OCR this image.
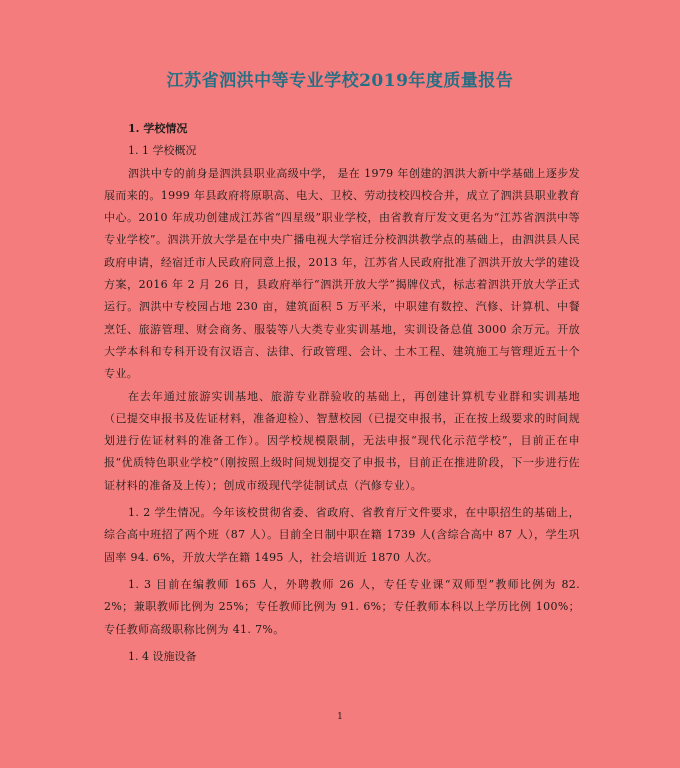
江苏省泗洪中等专业学校2019年度质量报告
1. 学校情况
1. 1 学校概况
泗洪中专的前身是泗洪县职业高级中学， 是在 1979 年创建的泗洪大新中学基础上逐步发展而来的。1999 年县政府将原职高、电大、卫校、劳动技校四校合并，成立了泗洪县职业教育中心。2010 年成功创建成江苏省“四星级”职业学校，由省教育厅发文更名为“江苏省泗洪中等专业学校”。泗洪开放大学是在中央广播电视大学宿迁分校泗洪教学点的基础上，由泗洪县人民政府申请，经宿迁市人民政府同意上报，2013 年，江苏省人民政府批准了泗洪开放大学的建设方案，2016 年 2 月 26 日，县政府举行“泗洪开放大学”揭牌仪式，标志着泗洪开放大学正式运行。泗洪中专校园占地 230 亩，建筑面积 5 万平米，中职建有数控、汽修、计算机、中餐烹饪、旅游管理、财会商务、服装等八大类专业实训基地，实训设备总值 3000 余万元。开放大学本科和专科开设有汉语言、法律、行政管理、会计、土木工程、建筑施工与管理近五十个专业。
在去年通过旅游实训基地、旅游专业群验收的基础上，再创建计算机专业群和实训基地（已提交申报书及佐证材料，准备迎检）、智慧校园（已提交申报书，正在按上级要求的时间规划进行佐证材料的准备工作）。因学校规模限制，无法申报“现代化示范学校”，目前正在申报“优质特色职业学校”（刚按照上级时间规划提交了申报书，目前正在推进阶段，下一步进行佐证材料的准备及上传）；创成市级现代学徒制试点（汽修专业）。
1. 2 学生情况。今年该校贯彻省委、省政府、省教育厅文件要求，在中职招生的基础上，综合高中班招了两个班（87 人）。目前全日制中职在籍 1739 人(含综合高中 87 人），学生巩固率 94. 6%，开放大学在籍 1495 人，社会培训近 1870 人次。
1. 3 目前在编教师 165 人，外聘教师 26 人，专任专业课“双师型”教师比例为 82. 2%；兼职教师比例为 25%；专任教师比例为 91. 6%；专任教师本科以上学历比例 100%；专任教师高级职称比例为 41. 7%。
1. 4 设施设备
1
